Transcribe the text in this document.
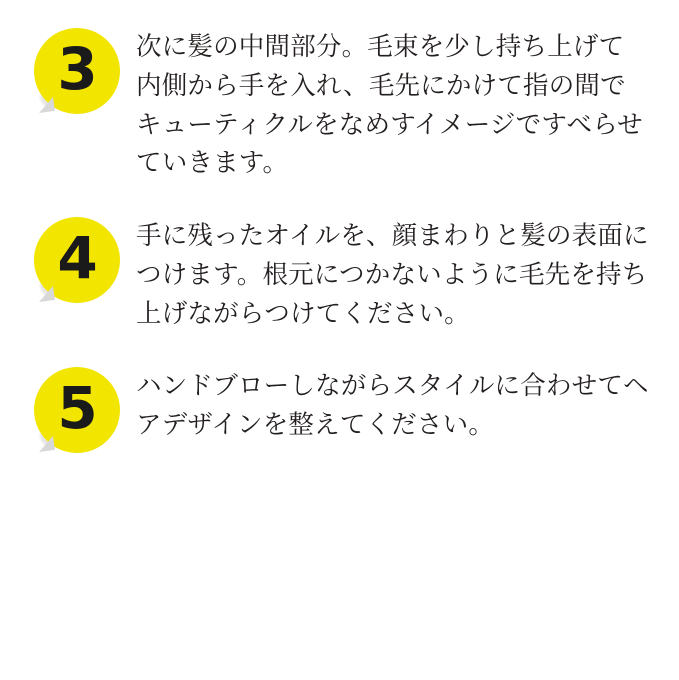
3 次に髪の中間部分。毛束を少し持ち上げて内側から手を入れ、毛先にかけて指の間でキューティクルをなめすイメージですべらせていきます。
4 手に残ったオイルを、顔まわりと髪の表面につけます。根元につかないように毛先を持ち上げながらつけてください。
5 ハンドブローしながらスタイルに合わせてヘアデザインを整えてください。
